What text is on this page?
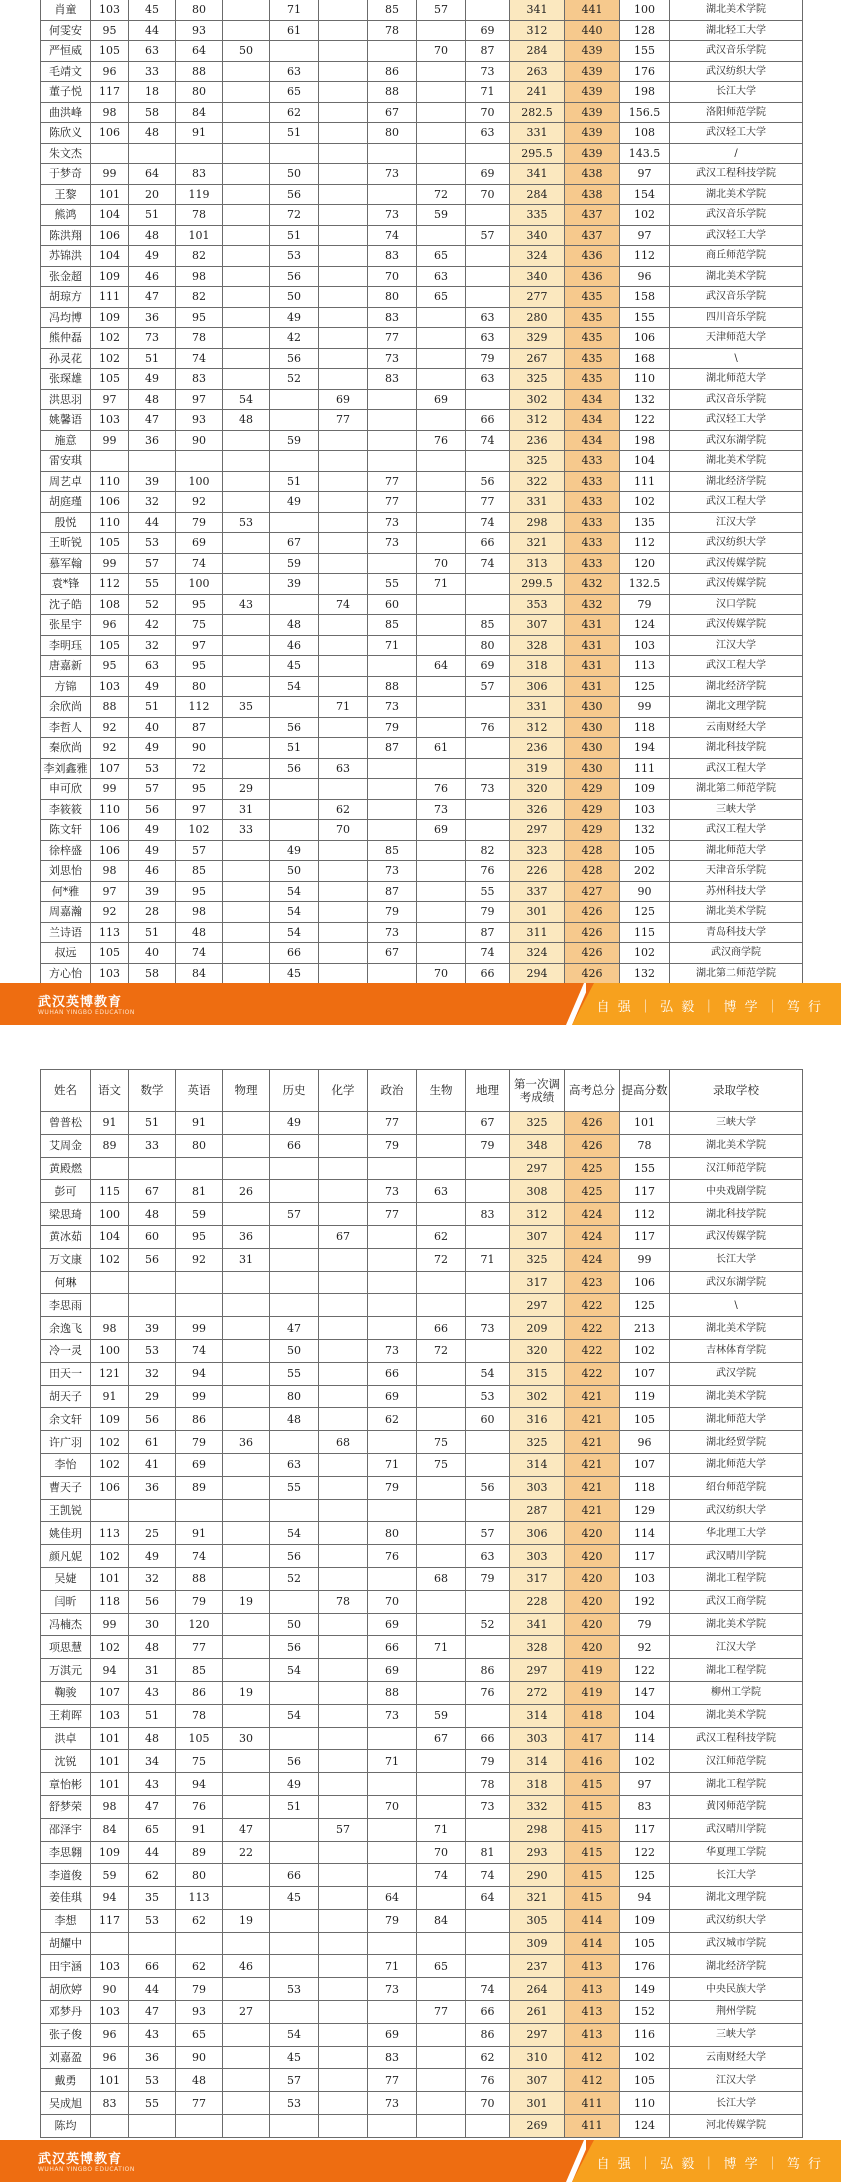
肖童	103	45	80		71		85	57		341	441	100	湖北美术学院
何雯安	95	44	93		61		78		69	312	440	128	湖北轻工大学
严恒威	105	63	64	50				70	87	284	439	155	武汉音乐学院
毛靖文	96	33	88		63		86		73	263	439	176	武汉纺织大学
董子悦	117	18	80		65		88		71	241	439	198	长江大学
曲洪峰	98	58	84		62		67		70	282.5	439	156.5	洛阳师范学院
陈欣义	106	48	91		51		80		63	331	439	108	武汉轻工大学
朱文杰										295.5	439	143.5	/
于梦奇	99	64	83		50		73		69	341	438	97	武汉工程科技学院
王黎	101	20	119		56			72	70	284	438	154	湖北美术学院
熊鸿	104	51	78		72		73	59		335	437	102	武汉音乐学院
陈洪翔	106	48	101		51		74		57	340	437	97	武汉轻工大学
苏锦洪	104	49	82		53		83	65		324	436	112	商丘师范学院
张金超	109	46	98		56		70	63		340	436	96	湖北美术学院
胡琼方	111	47	82		50		80	65		277	435	158	武汉音乐学院
冯均博	109	36	95		49		83		63	280	435	155	四川音乐学院
熊仲磊	102	73	78		42		77		63	329	435	106	天津师范大学
孙灵花	102	51	74		56		73		79	267	435	168	\
张琛雄	105	49	83		52		83		63	325	435	110	湖北师范大学
洪思羽	97	48	97	54		69		69		302	434	132	武汉音乐学院
姚馨语	103	47	93	48		77			66	312	434	122	武汉轻工大学
施意	99	36	90		59			76	74	236	434	198	武汉东湖学院
雷安琪										325	433	104	湖北美术学院
周艺卓	110	39	100		51		77		56	322	433	111	湖北经济学院
胡庭瑾	106	32	92		49		77		77	331	433	102	武汉工程大学
殷悦	110	44	79	53			73		74	298	433	135	江汉大学
王昕锐	105	53	69		67		73		66	321	433	112	武汉纺织大学
慕军翰	99	57	74		59			70	74	313	433	120	武汉传媒学院
袁*锋	112	55	100		39		55	71		299.5	432	132.5	武汉传媒学院
沈子皓	108	52	95	43		74	60			353	432	79	汉口学院
张星宇	96	42	75		48		85		85	307	431	124	武汉传媒学院
李明珏	105	32	97		46		71		80	328	431	103	江汉大学
唐嘉新	95	63	95		45			64	69	318	431	113	武汉工程大学
方锦	103	49	80		54		88		57	306	431	125	湖北经济学院
余欣尚	88	51	112	35		71	73			331	430	99	湖北文理学院
李哲人	92	40	87		56		79		76	312	430	118	云南财经大学
秦欣尚	92	49	90		51		87	61		236	430	194	湖北科技学院
李刘鑫雅	107	53	72		56	63				319	430	111	武汉工程大学
申可欣	99	57	95	29				76	73	320	429	109	湖北第二师范学院
李筱筱	110	56	97	31		62		73		326	429	103	三峡大学
陈文轩	106	49	102	33		70		69		297	429	132	武汉工程大学
徐梓盛	106	49	57		49		85		82	323	428	105	湖北师范大学
刘思怡	98	46	85		50		73		76	226	428	202	天津音乐学院
何*雅	97	39	95		54		87		55	337	427	90	苏州科技大学
周嘉瀚	92	28	98		54		79		79	301	426	125	湖北美术学院
兰诗语	113	51	48		54		73		87	311	426	115	青岛科技大学
叔远	105	40	74		66		67		74	324	426	102	武汉商学院
方心怡	103	58	84		45			70	66	294	426	132	湖北第二师范学院
武汉英博教育
WUHAN YINGBO EDUCATION	自 强 ｜ 弘 毅 ｜ 博 学 ｜ 笃 行
姓名	语文	数学	英语	物理	历史	化学	政治	生物	地理	第一次调考成绩	高考总分	提高分数	录取学校
曾普松	91	51	91		49		77		67	325	426	101	三峡大学
艾周金	89	33	80		66		79		79	348	426	78	湖北美术学院
黄殿燃										297	425	155	汉江师范学院
彭可	115	67	81	26			73	63		308	425	117	中央戏剧学院
梁思琦	100	48	59		57		77		83	312	424	112	湖北科技学院
黄冰茹	104	60	95	36		67		62		307	424	117	武汉传媒学院
万文康	102	56	92	31				72	71	325	424	99	长江大学
何琳										317	423	106	武汉东湖学院
李思雨										297	422	125	\
余逸飞	98	39	99		47			66	73	209	422	213	湖北美术学院
冷一灵	100	53	74		50		73	72		320	422	102	吉林体育学院
田天一	121	32	94		55		66		54	315	422	107	武汉学院
胡天子	91	29	99		80		69		53	302	421	119	湖北美术学院
余文轩	109	56	86		48		62		60	316	421	105	湖北师范大学
许广羽	102	61	79	36		68		75		325	421	96	湖北经贸学院
李怡	102	41	69		63		71	75		314	421	107	湖北师范大学
曹天子	106	36	89		55		79		56	303	421	118	绍台师范学院
王凯锐										287	421	129	武汉纺织大学
姚佳玥	113	25	91		54		80		57	306	420	114	华北理工大学
颜凡妮	102	49	74		56		76		63	303	420	117	武汉晴川学院
吴婕	101	32	88		52			68	79	317	420	103	湖北工程学院
闫昕	118	56	79	19		78	70			228	420	192	武汉工商学院
冯楠杰	99	30	120		50		69		52	341	420	79	湖北美术学院
项思慧	102	48	77		56		66	71		328	420	92	江汉大学
万淇元	94	31	85		54		69		86	297	419	122	湖北工程学院
鞠骏	107	43	86	19			88		76	272	419	147	柳州工学院
王莉晖	103	51	78		54		73	59		314	418	104	湖北美术学院
洪卓	101	48	105	30				67	66	303	417	114	武汉工程科技学院
沈锐	101	34	75		56		71		79	314	416	102	汉江师范学院
章怡彬	101	43	94		49				78	318	415	97	湖北工程学院
舒梦荣	98	47	76		51		70		73	332	415	83	黄冈师范学院
邵泽宇	84	65	91	47		57		71		298	415	117	武汉晴川学院
李思翱	109	44	89	22				70	81	293	415	122	华夏理工学院
李道俊	59	62	80		66			74	74	290	415	125	长江大学
姜佳琪	94	35	113		45		64		64	321	415	94	湖北文理学院
李想	117	53	62	19			79	84		305	414	109	武汉纺织大学
胡耀中										309	414	105	武汉城市学院
田宇涵	103	66	62	46			71	65		237	413	176	湖北经济学院
胡欣婷	90	44	79		53		73		74	264	413	149	中央民族大学
邓梦丹	103	47	93	27				77	66	261	413	152	荆州学院
张子俊	96	43	65		54		69		86	297	413	116	三峡大学
刘嘉盈	96	36	90		45		83		62	310	412	102	云南财经大学
戴勇	101	53	48		57		77		76	307	412	105	江汉大学
吴成旭	83	55	77		53		73		70	301	411	110	长江大学
陈均										269	411	124	河北传媒学院
武汉英博教育
WUHAN YINGBO EDUCATION	自 强 ｜ 弘 毅 ｜ 博 学 ｜ 笃 行
